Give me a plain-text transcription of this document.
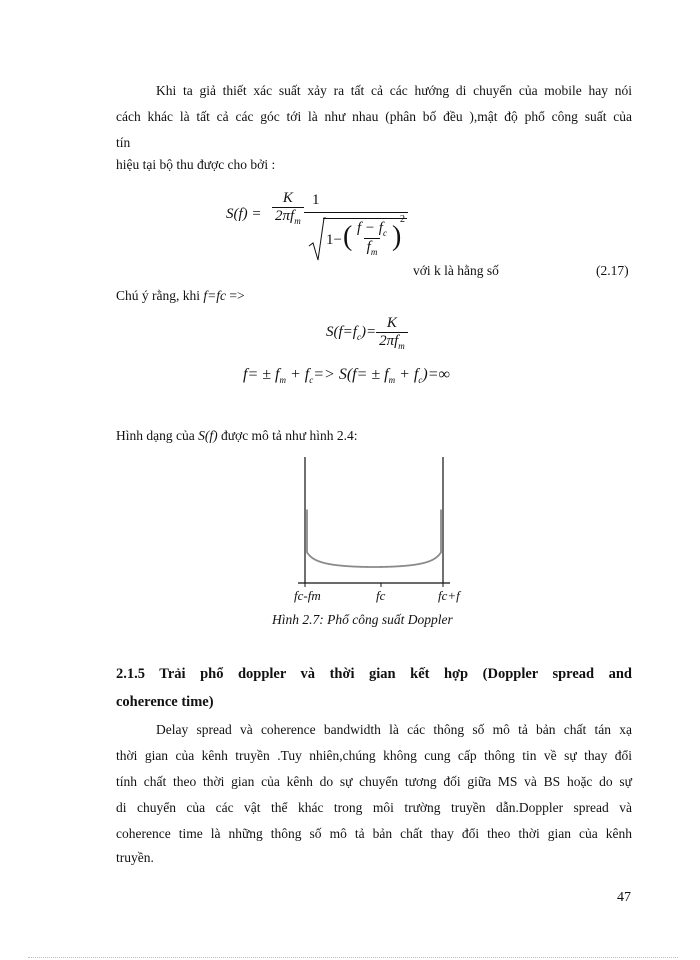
Khi ta giả thiết xác suất xảy ra tất cả các hướng di chuyển của mobile hay nói
cách khác là tất cả các góc tới là như nhau (phân bố đều ),mật độ phổ công suất của
tín
hiệu tại bộ thu được cho bởi :
S(f) =
K
$2\pi f_m$
1
1− ( $\frac{f - f_c}{f_m}$ )
2
với k là hằng số	(2.17)
Chú ý rằng, khi f=fc =>
$S(f=f_c)= \frac{K}{2\pi f_m}$
$f= \pm f_m + f_c=> S(f= \pm f_m + f_c)=\infty$
Hình dạng của S(f) được mô tả như hình 2.4:
fc-fm	fc	fc+f
Hình 2.7: Phổ công suất Doppler
2.1.5 Trải phổ doppler và thời gian kết hợp (Doppler spread and
coherence time)
Delay spread và coherence bandwidth là các thông số mô tả bản chất tán xạ
thời gian của kênh truyền .Tuy nhiên,chúng không cung cấp thông tin về sự thay đổi
tính chất theo thời gian của kênh do sự chuyển tương đối giữa MS và BS hoặc do sự
di chuyển của các vật thể khác trong môi trường truyền dẫn.Doppler spread và
coherence time là những thông số mô tả bản chất thay đổi theo thời gian của kênh
truyền.
47
